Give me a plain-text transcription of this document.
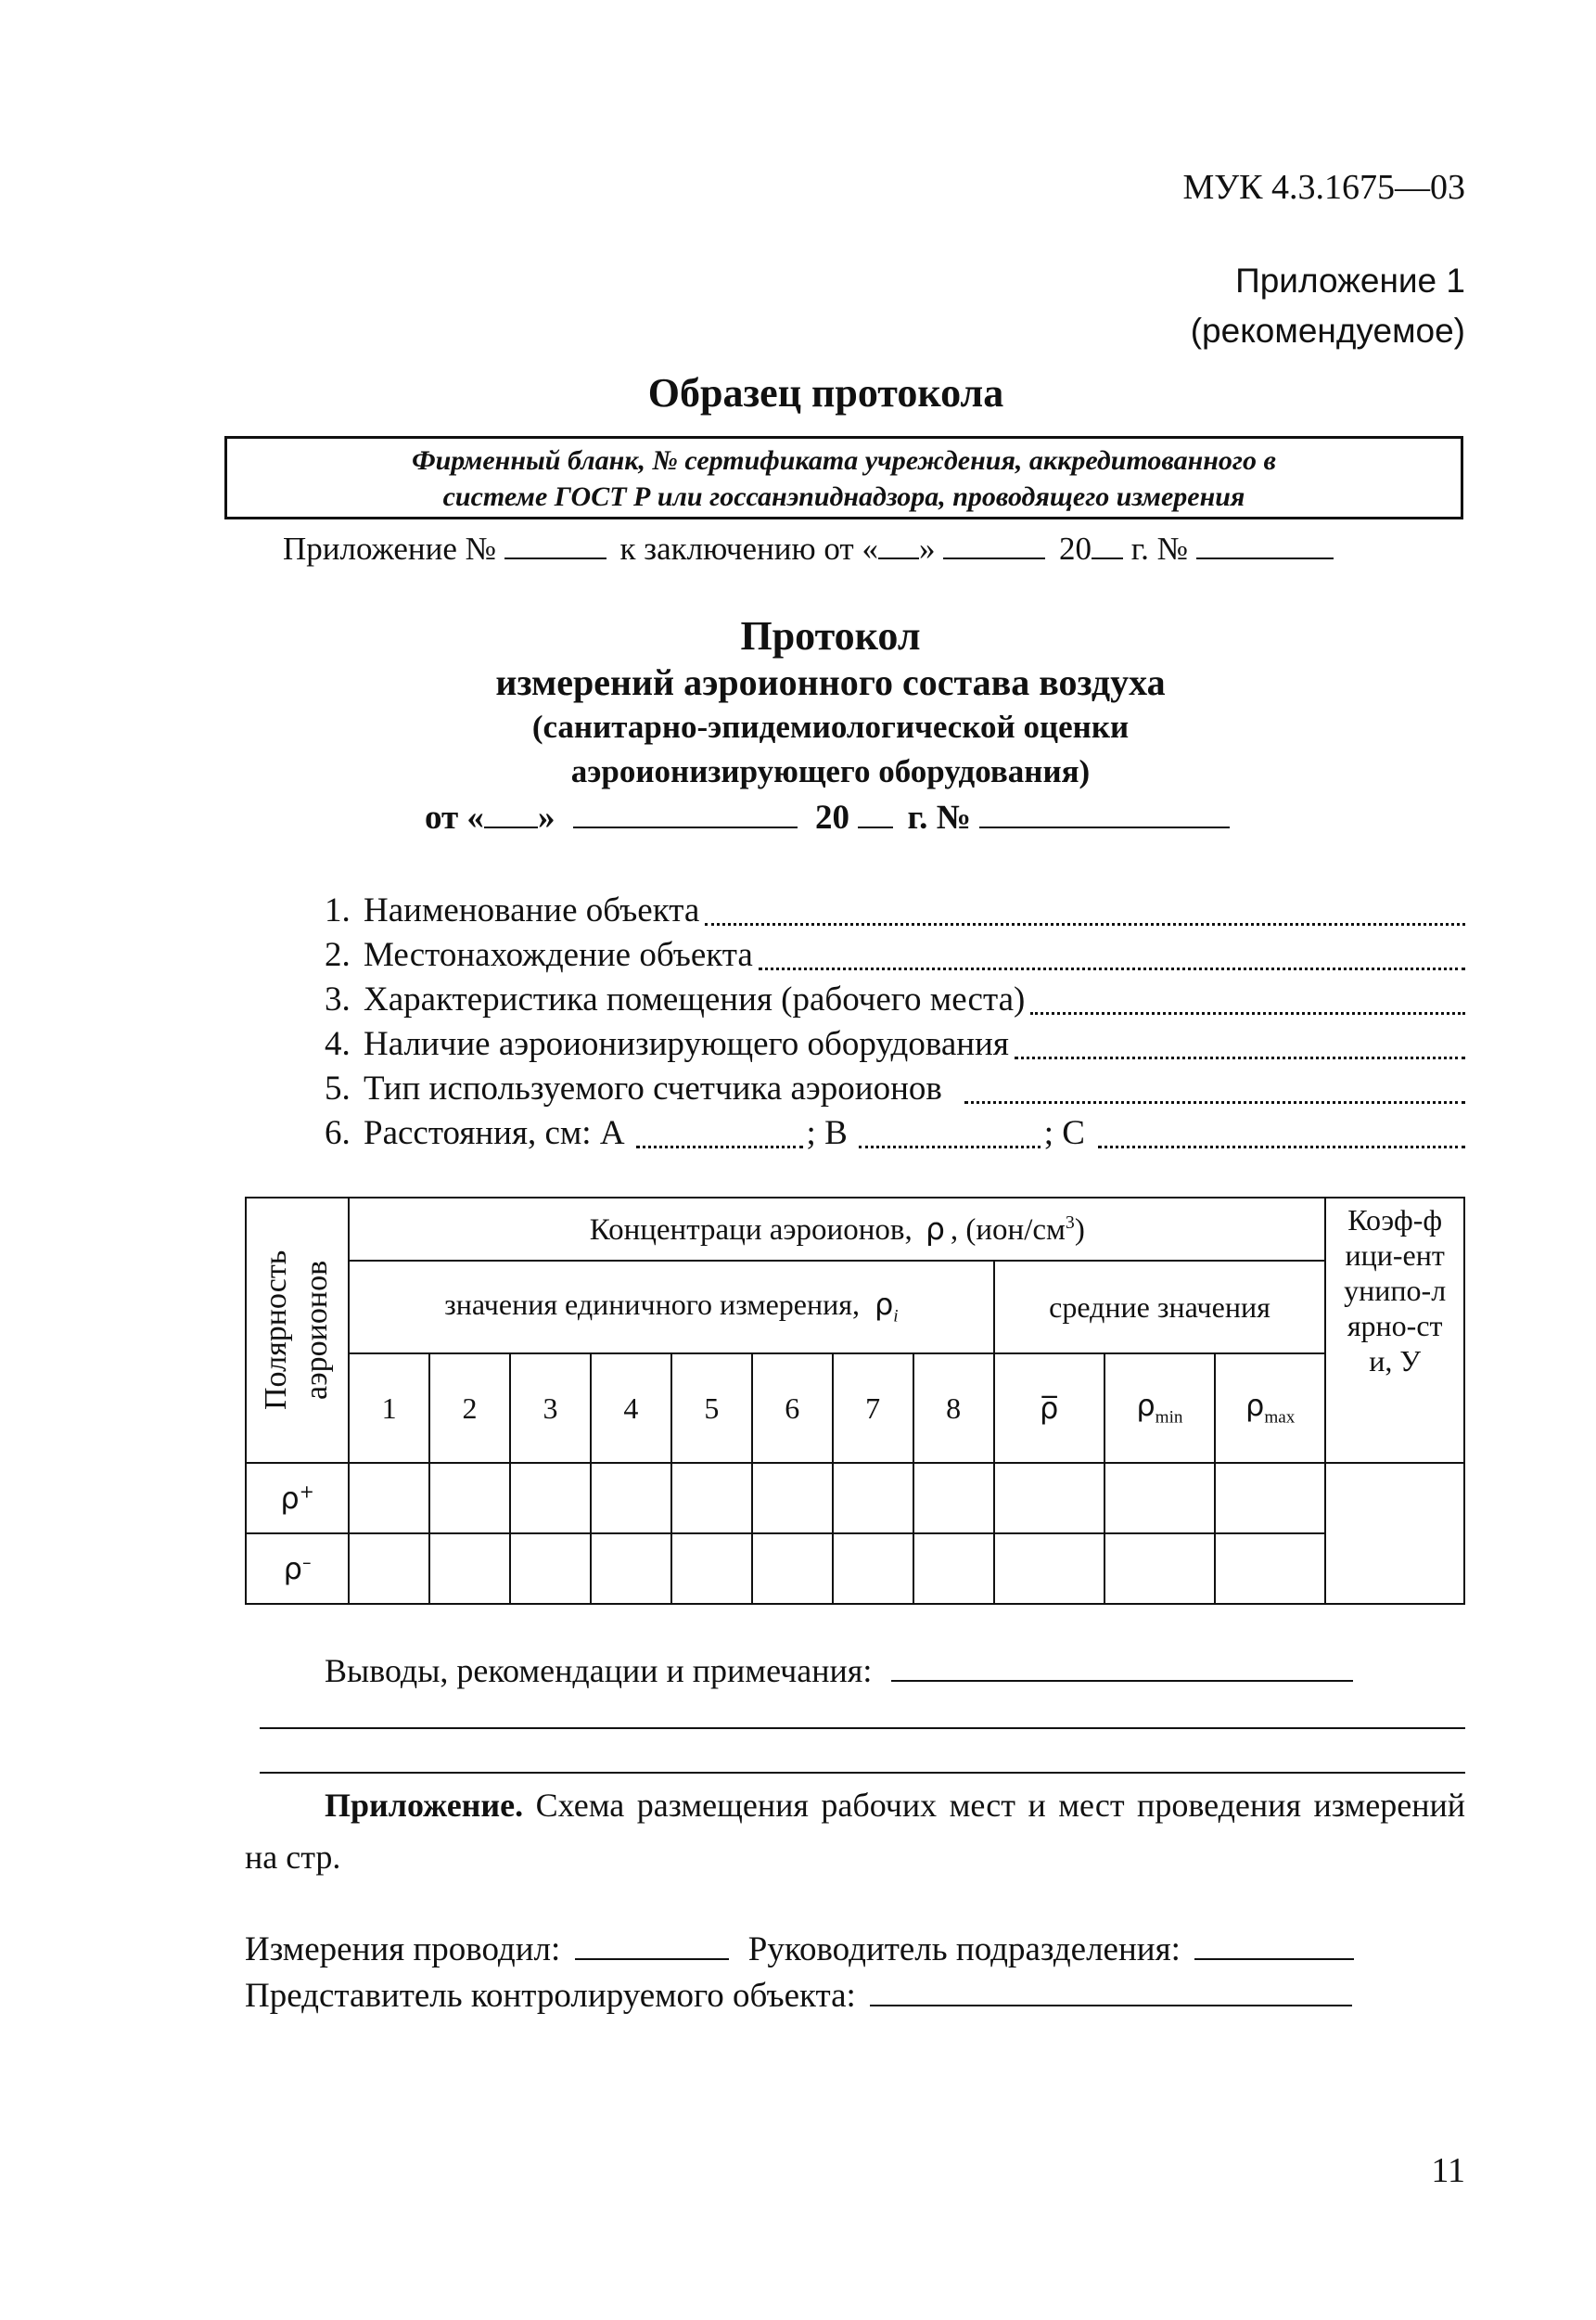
МУК 4.3.1675—03
Приложение 1
(рекомендуемое)
Образец протокола
Фирменный бланк, № сертификата учреждения, аккредитованного в
системе ГОСТ Р или госсанэпиднадзора, проводящего измерения
Приложение №	к заключению от « »	20 г. №
Протокол
измерений аэроионного состава воздуха
(санитарно-эпидемиологической оценки
аэроионизирующего оборудования)
от « »	20 г. №
1. Наименование объекта
2. Местонахождение объекта
3. Характеристика помещения (рабочего места)
4. Наличие аэроионизирующего оборудования
5. Тип используемого счетчика аэроионов
6. Расстояния, см: А	; В	; С
Полярность аэроионов	Концентраци аэроионов, ρ , $(ион/см^3)$											Коэф-фици-ент унипо-лярно-сти, У

	значения единичного измерения, $\rho_i$								средние значения			
	1	2	3	4	5	6	7	8	ρ̅	$\rho_{min}$	$\rho_{max}$

ρ+												
ρ–											
Выводы, рекомендации и примечания:
Приложение. Схема размещения рабочих мест и мест проведения измерений на стр.
Измерения проводил:	Руководитель подразделения:
Представитель контролируемого объекта:
11
